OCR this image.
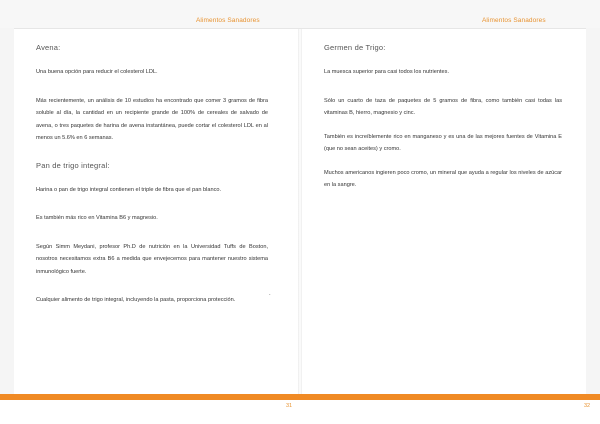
Alimentos Sanadores	Alimentos Sanadores
Avena:

Una buena opción para reducir el colesterol LDL.

Más recientemente, un análisis de 10 estudios ha encontrado que comer 3 gramos de fibra soluble al día, la cantidad en un recipiente grande de 100% de cereales de salvado de avena, o tres paquetes de harina de avena instantánea, puede cortar el colesterol LDL en al menos un 5.6% en 6 semanas.

Pan de trigo integral:

Harina o pan de trigo integral contienen el triple de fibra que el pan blanco.

Es también más rico en Vitamina B6 y magnesio.

Según Simm Meydani, profesor Ph.D de nutrición en la Universidad Tuffs de Boston, nosotros necesitamos extra B6 a medida que envejecemos para mantener nuestro sistema inmunológico fuerte.

Cualquier alimento de trigo integral, incluyendo la pasta, proporciona protección.

.
Germen de Trigo:

La muesca superior para casi todos los nutrientes.

Sólo un cuarto de taza de paquetes de 5 gramos de fibra, como también casi todas las vitaminas B, hierro, magnesio y cinc.

También es increíblemente rico en manganeso y es una de las mejores fuentes de Vitamina E (que no sean aceites) y cromo.

Muchos americanos ingieren poco cromo, un mineral que ayuda a regular los niveles de azúcar en la sangre.

31	32
